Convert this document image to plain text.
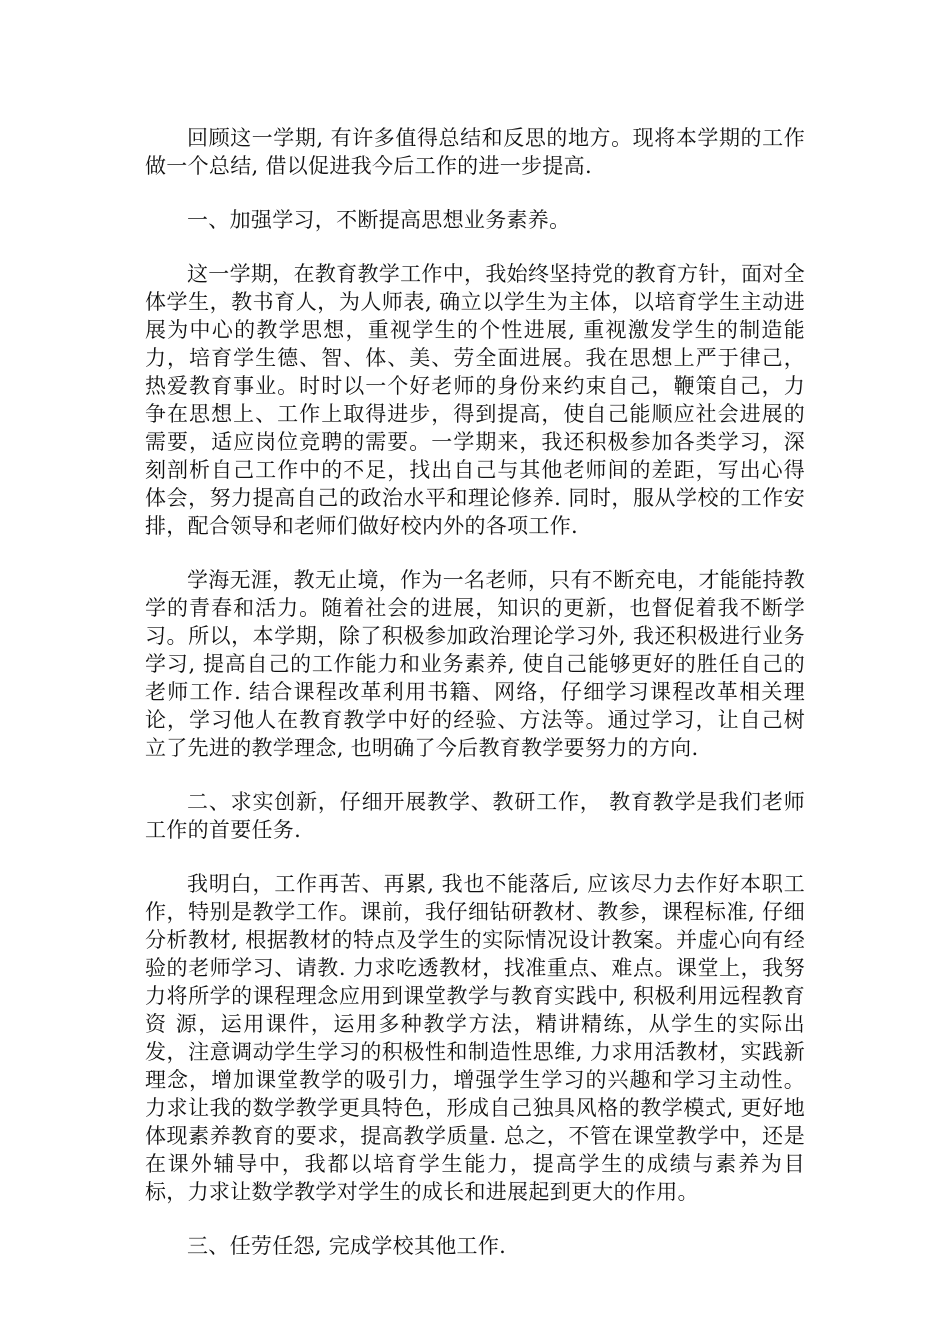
回顾这一学期, 有许多值得总结和反思的地方。现将本学期的工作做一个总结, 借以促进我今后工作的进一步提高.

一、加强学习，不断提高思想业务素养。

这一学期，在教育教学工作中，我始终坚持党的教育方针，面对全体学生，教书育人，为人师表, 确立以学生为主体，以培育学生主动进展为中心的教学思想，重视学生的个性进展, 重视激发学生的制造能力，培育学生德、智、体、美、劳全面进展。我在思想上严于律己，热爱教育事业。时时以一个好老师的身份来约束自己，鞭策自己，力争在思想上、工作上取得进步，得到提高，使自己能顺应社会进展的需要，适应岗位竞聘的需要。一学期来，我还积极参加各类学习，深刻剖析自己工作中的不足，找出自己与其他老师间的差距，写出心得体会，努力提高自己的政治水平和理论修养. 同时，服从学校的工作安排，配合领导和老师们做好校内外的各项工作.

学海无涯，教无止境，作为一名老师，只有不断充电，才能能持教学的青春和活力。随着社会的进展，知识的更新，也督促着我不断学习。所以，本学期，除了积极参加政治理论学习外, 我还积极进行业务学习, 提高自己的工作能力和业务素养, 使自己能够更好的胜任自己的老师工作. 结合课程改革利用书籍、网络，仔细学习课程改革相关理论，学习他人在教育教学中好的经验、方法等。通过学习，让自己树立了先进的教学理念, 也明确了今后教育教学要努力的方向.

二、求实创新，仔细开展教学、教研工作， 教育教学是我们老师工作的首要任务.

我明白，工作再苦、再累, 我也不能落后, 应该尽力去作好本职工作，特别是教学工作。课前，我仔细钻研教材、教参，课程标准, 仔细分析教材, 根据教材的特点及学生的实际情况设计教案。并虚心向有经验的老师学习、请教. 力求吃透教材，找准重点、难点。课堂上，我努力将所学的课程理念应用到课堂教学与教育实践中, 积极利用远程教育资 源，运用课件，运用多种教学方法，精讲精练，从学生的实际出发，注意调动学生学习的积极性和制造性思维, 力求用活教材，实践新理念，增加课堂教学的吸引力，增强学生学习的兴趣和学习主动性。力求让我的数学教学更具特色，形成自己独具风格的教学模式, 更好地体现素养教育的要求，提高教学质量. 总之，不管在课堂教学中，还是在课外辅导中，我都以培育学生能力，提高学生的成绩与素养为目标，力求让数学教学对学生的成长和进展起到更大的作用。

三、任劳任怨, 完成学校其他工作.
